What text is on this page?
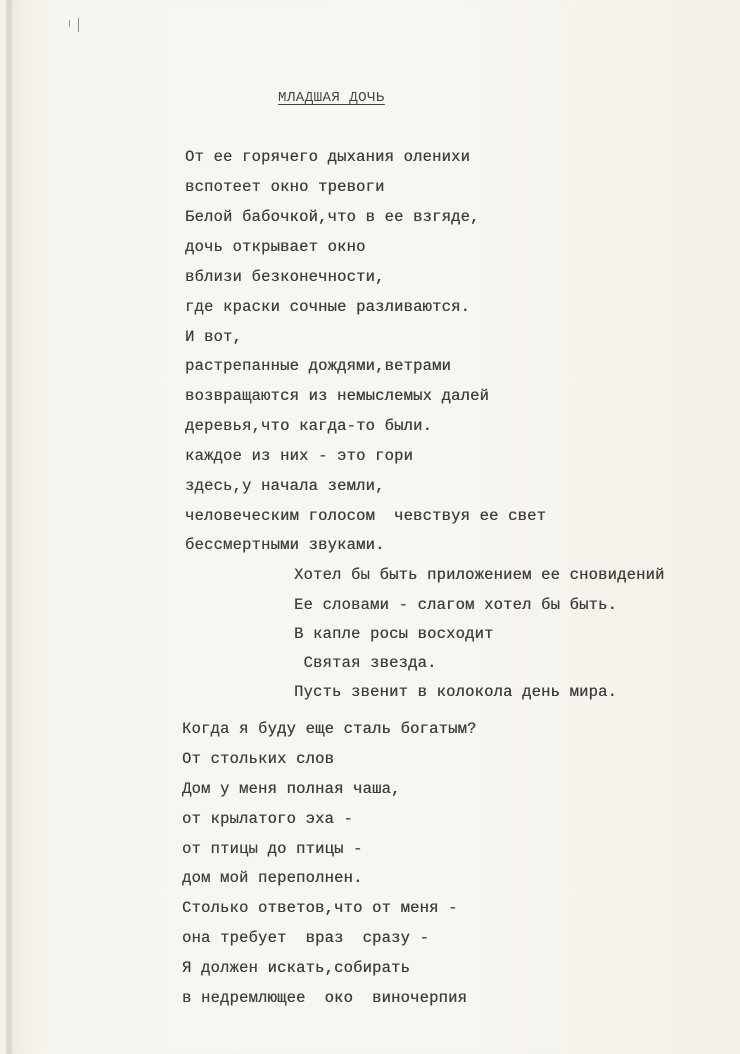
МЛАДШАЯ ДОЧЬ
От ее горячего дыхания оленихи
вспотеет окно тревоги
Белой бабочкой,что в ее взгяде,
дочь открывает окно
вблизи безконечности,
где краски сочные разливаются.
И вот,
растрепанные дождями,ветрами
возвращаются из немыслемых далей
деревья,что кагда-то были.
каждое из них - это гори
здесь,у начала земли,
человеческим голосом  чевствуя ее свет
бессмертными звуками.
Хотел бы быть приложением ее сновидений
Ее словами - слагом хотел бы быть.
В капле росы восходит
Святая звезда.
Пусть звенит в колокола день мира.
Когда я буду еще сталь богатым?
От стольких слов
Дом у меня полная чаша,
от крылатого эха -
от птицы до птицы -
дом мой переполнен.
Столько ответов,что от меня -
она требует  враз  сразу -
Я должен искать,собирать
в недремлющее  око  виночерпия
